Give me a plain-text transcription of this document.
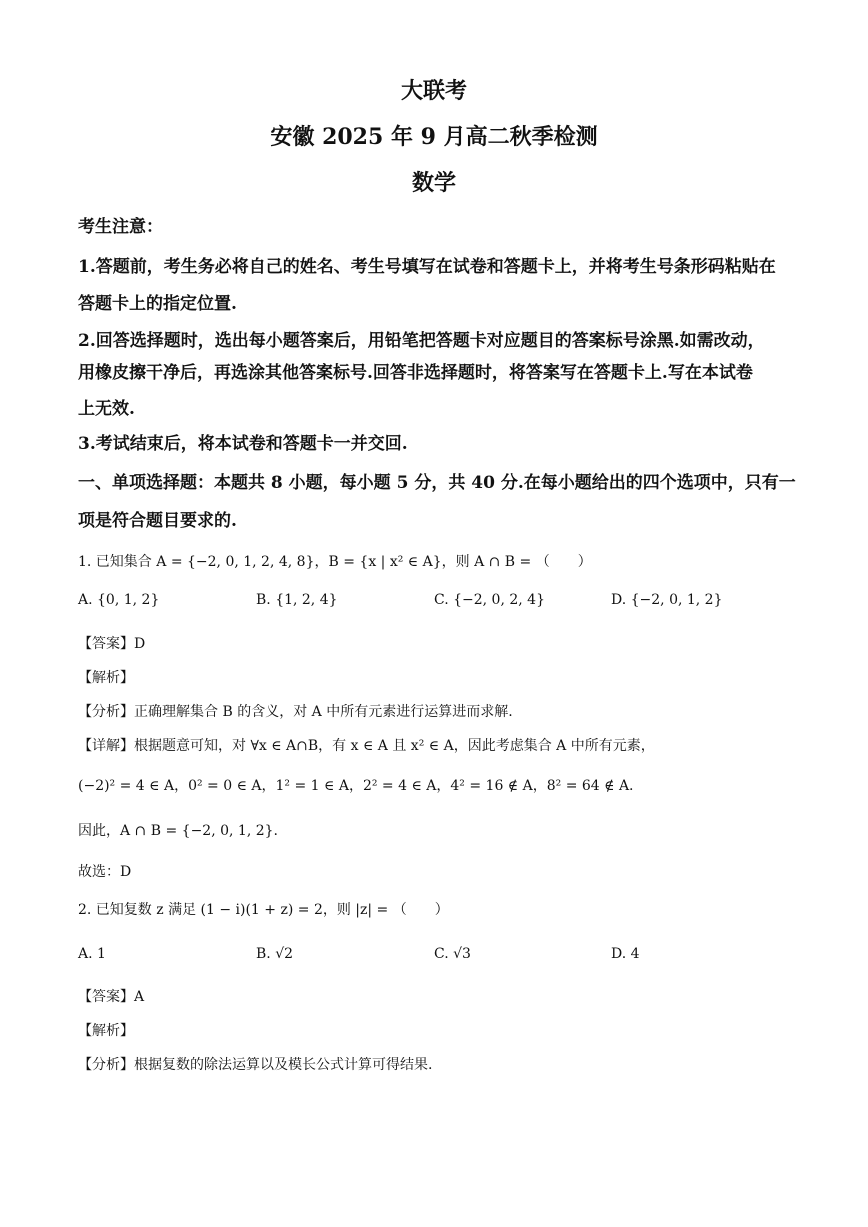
大联考
安徽 2025 年 9 月高二秋季检测
数学
考生注意：
1.答题前，考生务必将自己的姓名、考生号填写在试卷和答题卡上，并将考生号条形码粘贴在
答题卡上的指定位置.
2.回答选择题时，选出每小题答案后，用铅笔把答题卡对应题目的答案标号涂黑.如需改动，
用橡皮擦干净后，再选涂其他答案标号.回答非选择题时，将答案写在答题卡上.写在本试卷
上无效.
3.考试结束后，将本试卷和答题卡一并交回.
一、单项选择题：本题共 8 小题，每小题 5 分，共 40 分.在每小题给出的四个选项中，只有一
项是符合题目要求的.
1. 已知集合 A = {−2, 0, 1, 2, 4, 8}，B = {x | x² ∈ A}，则 A ∩ B = （　　）
A. {0, 1, 2}	B. {1, 2, 4}	C. {−2, 0, 2, 4}	D. {−2, 0, 1, 2}
【答案】D
【解析】
【分析】正确理解集合 B 的含义，对 A 中所有元素进行运算进而求解.
【详解】根据题意可知，对 ∀x ∈ A∩B，有 x ∈ A 且 x² ∈ A，因此考虑集合 A 中所有元素，
(−2)² = 4 ∈ A，0² = 0 ∈ A，1² = 1 ∈ A，2² = 4 ∈ A，4² = 16 ∉ A，8² = 64 ∉ A.
因此，A ∩ B = {−2, 0, 1, 2}.
故选：D
2. 已知复数 z 满足 (1 − i)(1 + z) = 2，则 |z| = （　　）
A. 1	B. √2	C. √3	D. 4
【答案】A
【解析】
【分析】根据复数的除法运算以及模长公式计算可得结果.
